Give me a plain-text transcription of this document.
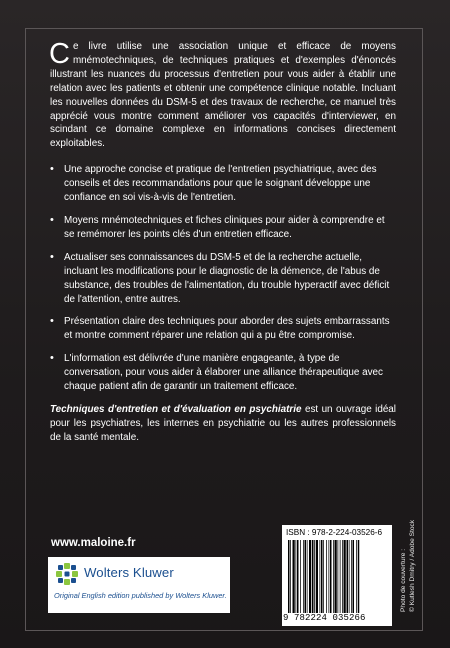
Ce livre utilise une association unique et efficace de moyens mnémotechniques, de techniques pratiques et d'exemples d'énoncés illustrant les nuances du processus d'entretien pour vous aider à établir une relation avec les patients et obtenir une compétence clinique notable. Incluant les nouvelles données du DSM-5 et des travaux de recherche, ce manuel très apprécié vous montre comment améliorer vos capacités d'interviewer, en scindant ce domaine complexe en informations concises directement exploitables.

• Une approche concise et pratique de l'entretien psychiatrique, avec des conseils et des recommandations pour que le soignant développe une confiance en soi vis-à-vis de l'entretien.
• Moyens mnémotechniques et fiches cliniques pour aider à comprendre et se remémorer les points clés d'un entretien efficace.
• Actualiser ses connaissances du DSM-5 et de la recherche actuelle, incluant les modifications pour le diagnostic de la démence, de l'abus de substance, des troubles de l'alimentation, du trouble hyperactif avec déficit de l'attention, entre autres.
• Présentation claire des techniques pour aborder des sujets embarrassants et montre comment réparer une relation qui a pu être compromise.
• L'information est délivrée d'une manière engageante, à type de conversation, pour vous aider à élaborer une alliance thérapeutique avec chaque patient afin de garantir un traitement efficace.

Techniques d'entretien et d'évaluation en psychiatrie est un ouvrage idéal pour les psychiatres, les internes en psychiatrie ou les autres professionnels de la santé mentale.

www.maloine.fr
Wolters Kluwer
Original English edition published by Wolters Kluwer.
ISBN : 978-2-224-03526-6
9 782224 035266
Photo de couverture : © Kutlesh Dmitry / Adobe Stock
